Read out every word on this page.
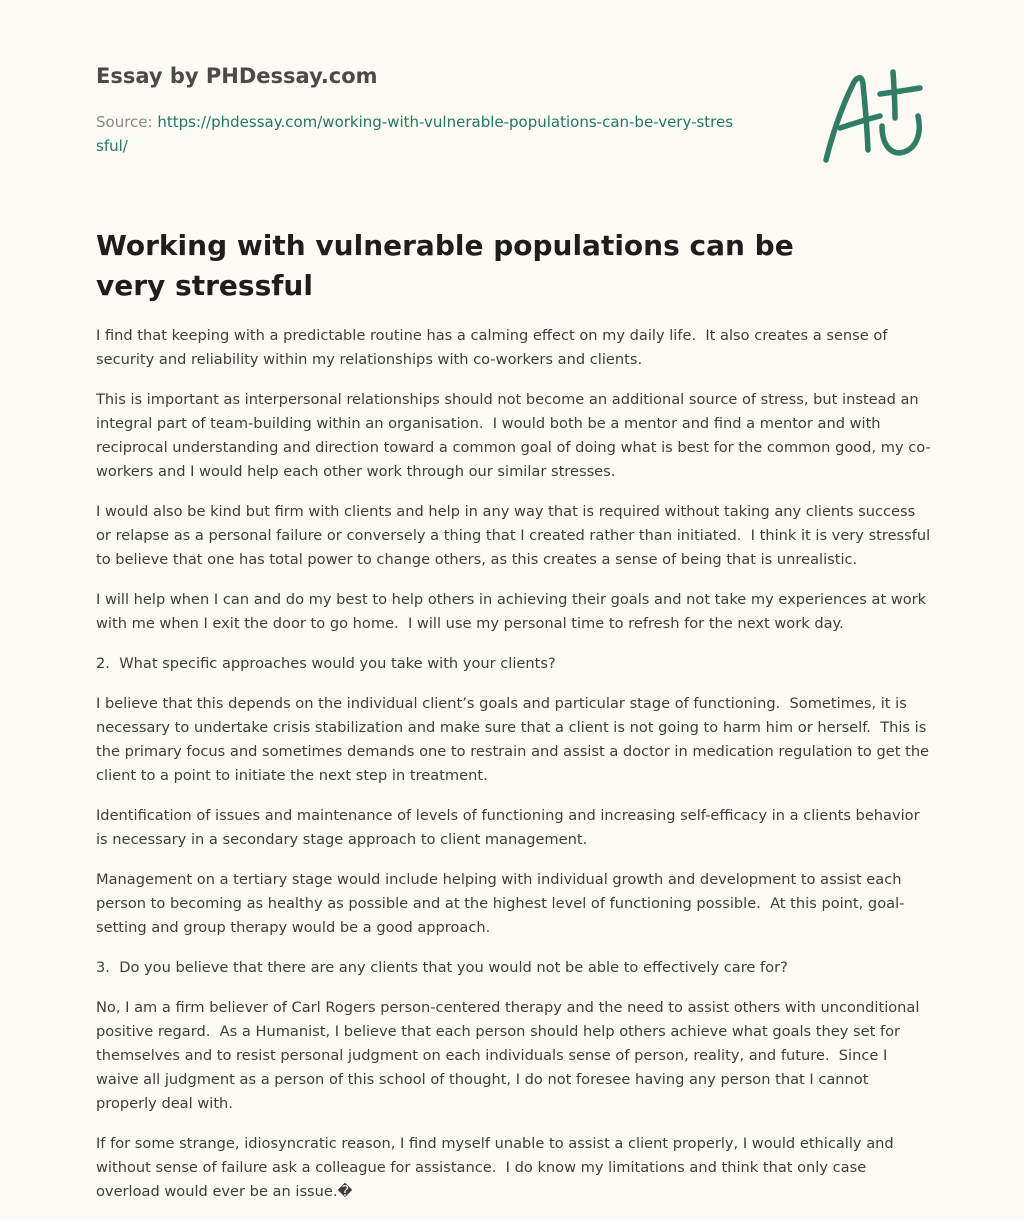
Essay by PHDessay.com
Source: https://phdessay.com/working-with-vulnerable-populations-can-be-very-stressful/
Working with vulnerable populations can be very stressful

I find that keeping with a predictable routine has a calming effect on my daily life.  It also creates a sense of security and reliability within my relationships with co-workers and clients.

This is important as interpersonal relationships should not become an additional source of stress, but instead an integral part of team-building within an organisation.  I would both be a mentor and find a mentor and with reciprocal understanding and direction toward a common goal of doing what is best for the common good, my co-workers and I would help each other work through our similar stresses.

I would also be kind but firm with clients and help in any way that is required without taking any clients success or relapse as a personal failure or conversely a thing that I created rather than initiated.  I think it is very stressful to believe that one has total power to change others, as this creates a sense of being that is unrealistic.

I will help when I can and do my best to help others in achieving their goals and not take my experiences at work with me when I exit the door to go home.  I will use my personal time to refresh for the next work day.

2.  What specific approaches would you take with your clients?

I believe that this depends on the individual client’s goals and particular stage of functioning.  Sometimes, it is necessary to undertake crisis stabilization and make sure that a client is not going to harm him or herself.  This is the primary focus and sometimes demands one to restrain and assist a doctor in medication regulation to get the client to a point to initiate the next step in treatment.

Identification of issues and maintenance of levels of functioning and increasing self-efficacy in a clients behavior is necessary in a secondary stage approach to client management.

Management on a tertiary stage would include helping with individual growth and development to assist each person to becoming as healthy as possible and at the highest level of functioning possible.  At this point, goal-setting and group therapy would be a good approach.

3.  Do you believe that there are any clients that you would not be able to effectively care for?

No, I am a firm believer of Carl Rogers person-centered therapy and the need to assist others with unconditional positive regard.  As a Humanist, I believe that each person should help others achieve what goals they set for themselves and to resist personal judgment on each individuals sense of person, reality, and future.  Since I waive all judgment as a person of this school of thought, I do not foresee having any person that I cannot properly deal with.

If for some strange, idiosyncratic reason, I find myself unable to assist a client properly, I would ethically and without sense of failure ask a colleague for assistance.  I do know my limitations and think that only case overload would ever be an issue.�
